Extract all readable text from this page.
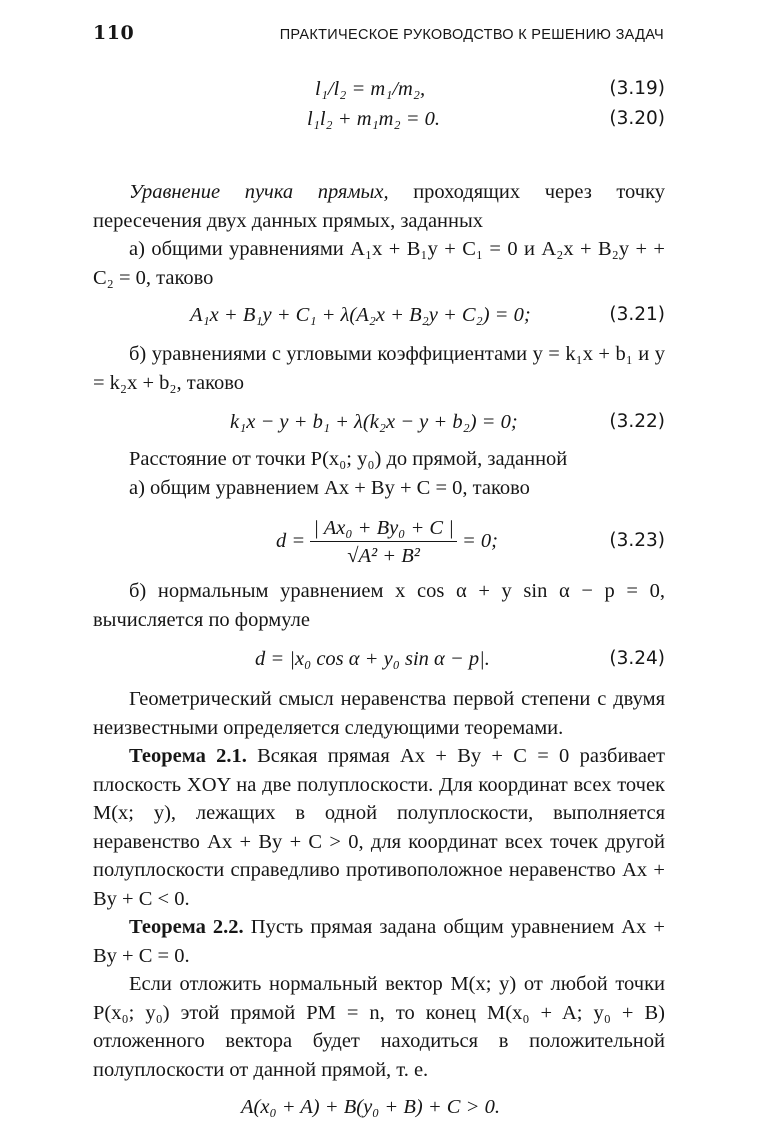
110	ПРАКТИЧЕСКОЕ РУКОВОДСТВО К РЕШЕНИЮ ЗАДАЧ
l₁/l₂ = m₁/m₂,	(3.19)
l₁l₂ + m₁m₂ = 0.	(3.20)

Уравнение пучка прямых, проходящих через точку пересечения двух данных прямых, заданных

а) общими уравнениями A₁x + B₁y + C₁ = 0 и A₂x + B₂y + + C₂ = 0, таково

A₁x + B₁y + C₁ + λ(A₂x + B₂y + C₂) = 0;	(3.21)

б) уравнениями с угловыми коэффициентами y = k₁x + b₁ и y = k₂x + b₂, таково

k₁x − y + b₁ + λ(k₂x − y + b₂) = 0;	(3.22)

Расстояние от точки P(x₀; y₀) до прямой, заданной

а) общим уравнением Ax + By + C = 0, таково

$d = \frac{\text{| Ax₀ + By₀ + C |}}{\text{√A² + B²}} = 0$;	(3.23)

б) нормальным уравнением x cos α + y sin α − p = 0, вычисляется по формуле

d = |x₀ cos α + y₀ sin α − p|.	(3.24)

Геометрический смысл неравенства первой степени с двумя неизвестными определяется следующими теоремами.

Теорема 2.1. Всякая прямая Ax + By + C = 0 разбивает плоскость XOY на две полуплоскости. Для координат всех точек M(x; y), лежащих в одной полуплоскости, выполняется неравенство Ax + By + C > 0, для координат всех точек другой полуплоскости справедливо противоположное неравенство Ax + By + C < 0.

Теорема 2.2. Пусть прямая задана общим уравнением Ax + By + C = 0.

Если отложить нормальный вектор M(x; y) от любой точки P(x₀; y₀) этой прямой PM = n, то конец M(x₀ + A; y₀ + B) отложенного вектора будет находиться в положительной полуплоскости от данной прямой, т. е.

A(x₀ + A) + B(y₀ + B) + C > 0.
